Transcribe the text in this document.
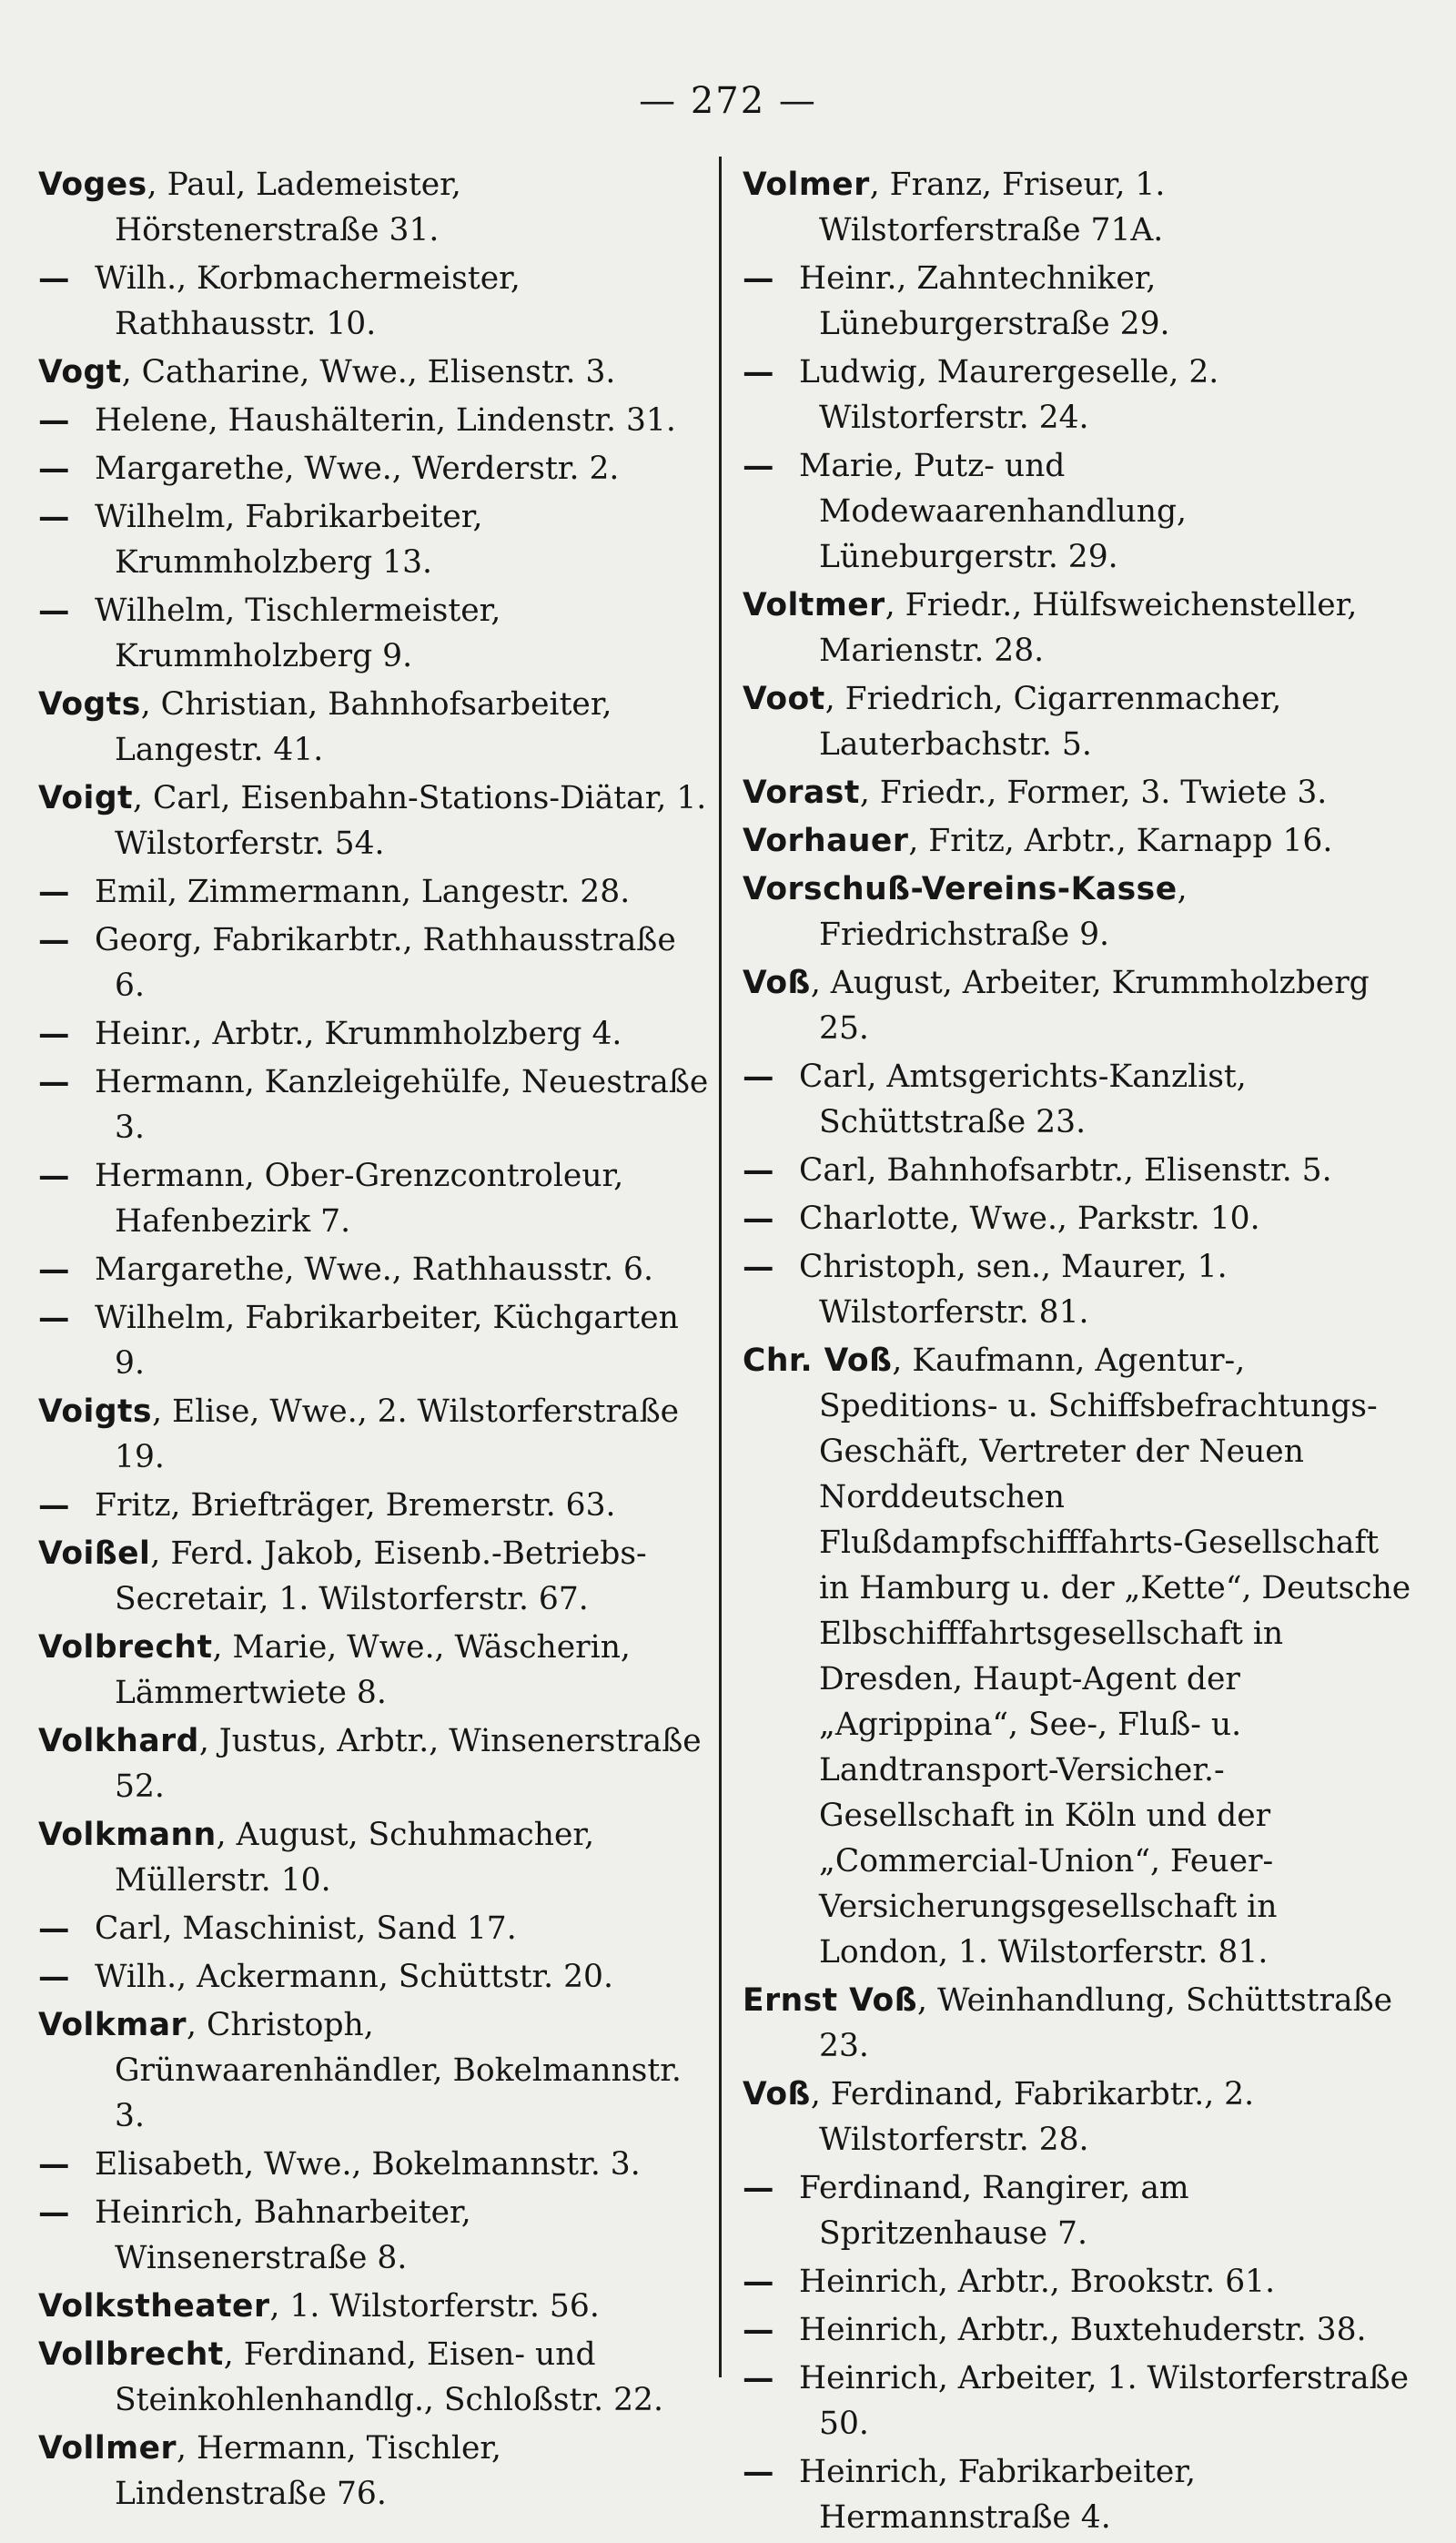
— 272 —
Voges, Paul, Lademeister, Hörstenerstraße 31.
— Wilh., Korbmachermeister, Rathhausstr. 10.
Vogt, Catharine, Wwe., Elisenstr. 3.
— Helene, Haushälterin, Lindenstr. 31.
— Margarethe, Wwe., Werderstr. 2.
— Wilhelm, Fabrikarbeiter, Krummholzberg 13.
— Wilhelm, Tischlermeister, Krummholzberg 9.
Vogts, Christian, Bahnhofsarbeiter, Langestr. 41.
Voigt, Carl, Eisenbahn-Stations-Diätar, 1. Wilstorferstr. 54.
— Emil, Zimmermann, Langestr. 28.
— Georg, Fabrikarbtr., Rathhausstraße 6.
— Heinr., Arbtr., Krummholzberg 4.
— Hermann, Kanzleigehülfe, Neuestraße 3.
— Hermann, Ober-Grenzcontroleur, Hafenbezirk 7.
— Margarethe, Wwe., Rathhausstr. 6.
— Wilhelm, Fabrikarbeiter, Küchgarten 9.
Voigts, Elise, Wwe., 2. Wilstorferstraße 19.
— Fritz, Briefträger, Bremerstr. 63.
Voißel, Ferd. Jakob, Eisenb.-Betriebs-Secretair, 1. Wilstorferstr. 67.
Volbrecht, Marie, Wwe., Wäscherin, Lämmertwiete 8.
Volkhard, Justus, Arbtr., Winsenerstraße 52.
Volkmann, August, Schuhmacher, Müllerstr. 10.
— Carl, Maschinist, Sand 17.
— Wilh., Ackermann, Schüttstr. 20.
Volkmar, Christoph, Grünwaarenhändler, Bokelmannstr. 3.
— Elisabeth, Wwe., Bokelmannstr. 3.
— Heinrich, Bahnarbeiter, Winsenerstraße 8.
Volkstheater, 1. Wilstorferstr. 56.
Vollbrecht, Ferdinand, Eisen- und Steinkohlenhandlg., Schloßstr. 22.
Vollmer, Hermann, Tischler, Lindenstraße 76.
Volmer, Franz, Friseur, 1. Wilstorferstraße 71A.
— Heinr., Zahntechniker, Lüneburgerstraße 29.
— Ludwig, Maurergeselle, 2. Wilstorferstr. 24.
— Marie, Putz- und Modewaarenhandlung, Lüneburgerstr. 29.
Voltmer, Friedr., Hülfsweichensteller, Marienstr. 28.
Voot, Friedrich, Cigarrenmacher, Lauterbachstr. 5.
Vorast, Friedr., Former, 3. Twiete 3.
Vorhauer, Fritz, Arbtr., Karnapp 16.
Vorschuß-Vereins-Kasse, Friedrichstraße 9.
Voß, August, Arbeiter, Krummholzberg 25.
— Carl, Amtsgerichts-Kanzlist, Schüttstraße 23.
— Carl, Bahnhofsarbtr., Elisenstr. 5.
— Charlotte, Wwe., Parkstr. 10.
— Christoph, sen., Maurer, 1. Wilstorferstr. 81.
Chr. Voß, Kaufmann, Agentur-, Speditions- u. Schiffsbefrachtungs-Geschäft, Vertreter der Neuen Norddeutschen Flußdampfschifffahrts-Gesellschaft in Hamburg u. der „Kette“, Deutsche Elbschifffahrtsgesellschaft in Dresden, Haupt-Agent der „Agrippina“, See-, Fluß- u. Landtransport-Versicher.-Gesellschaft in Köln und der „Commercial-Union“, Feuer-Versicherungsgesellschaft in London, 1. Wilstorferstr. 81.
Ernst Voß, Weinhandlung, Schüttstraße 23.
Voß, Ferdinand, Fabrikarbtr., 2. Wilstorferstr. 28.
— Ferdinand, Rangirer, am Spritzenhause 7.
— Heinrich, Arbtr., Brookstr. 61.
— Heinrich, Arbtr., Buxtehuderstr. 38.
— Heinrich, Arbeiter, 1. Wilstorferstraße 50.
— Heinrich, Fabrikarbeiter, Hermannstraße 4.
